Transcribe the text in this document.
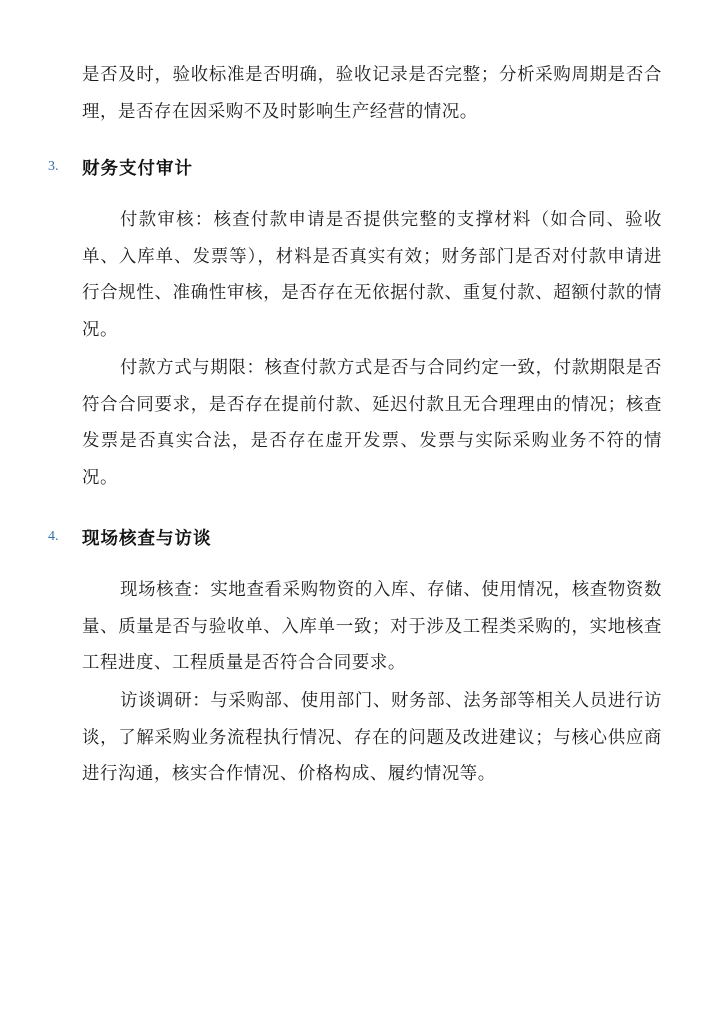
是否及时，验收标准是否明确，验收记录是否完整；分析采购周期是否合理，是否存在因采购不及时影响生产经营的情况。

3.	财务支付审计

付款审核：核查付款申请是否提供完整的支撑材料（如合同、验收单、入库单、发票等），材料是否真实有效；财务部门是否对付款申请进行合规性、准确性审核，是否存在无依据付款、重复付款、超额付款的情况。

付款方式与期限：核查付款方式是否与合同约定一致，付款期限是否符合合同要求，是否存在提前付款、延迟付款且无合理理由的情况；核查发票是否真实合法，是否存在虚开发票、发票与实际采购业务不符的情况。

4.	现场核查与访谈

现场核查：实地查看采购物资的入库、存储、使用情况，核查物资数量、质量是否与验收单、入库单一致；对于涉及工程类采购的，实地核查工程进度、工程质量是否符合合同要求。

访谈调研：与采购部、使用部门、财务部、法务部等相关人员进行访谈，了解采购业务流程执行情况、存在的问题及改进建议；与核心供应商进行沟通，核实合作情况、价格构成、履约情况等。
